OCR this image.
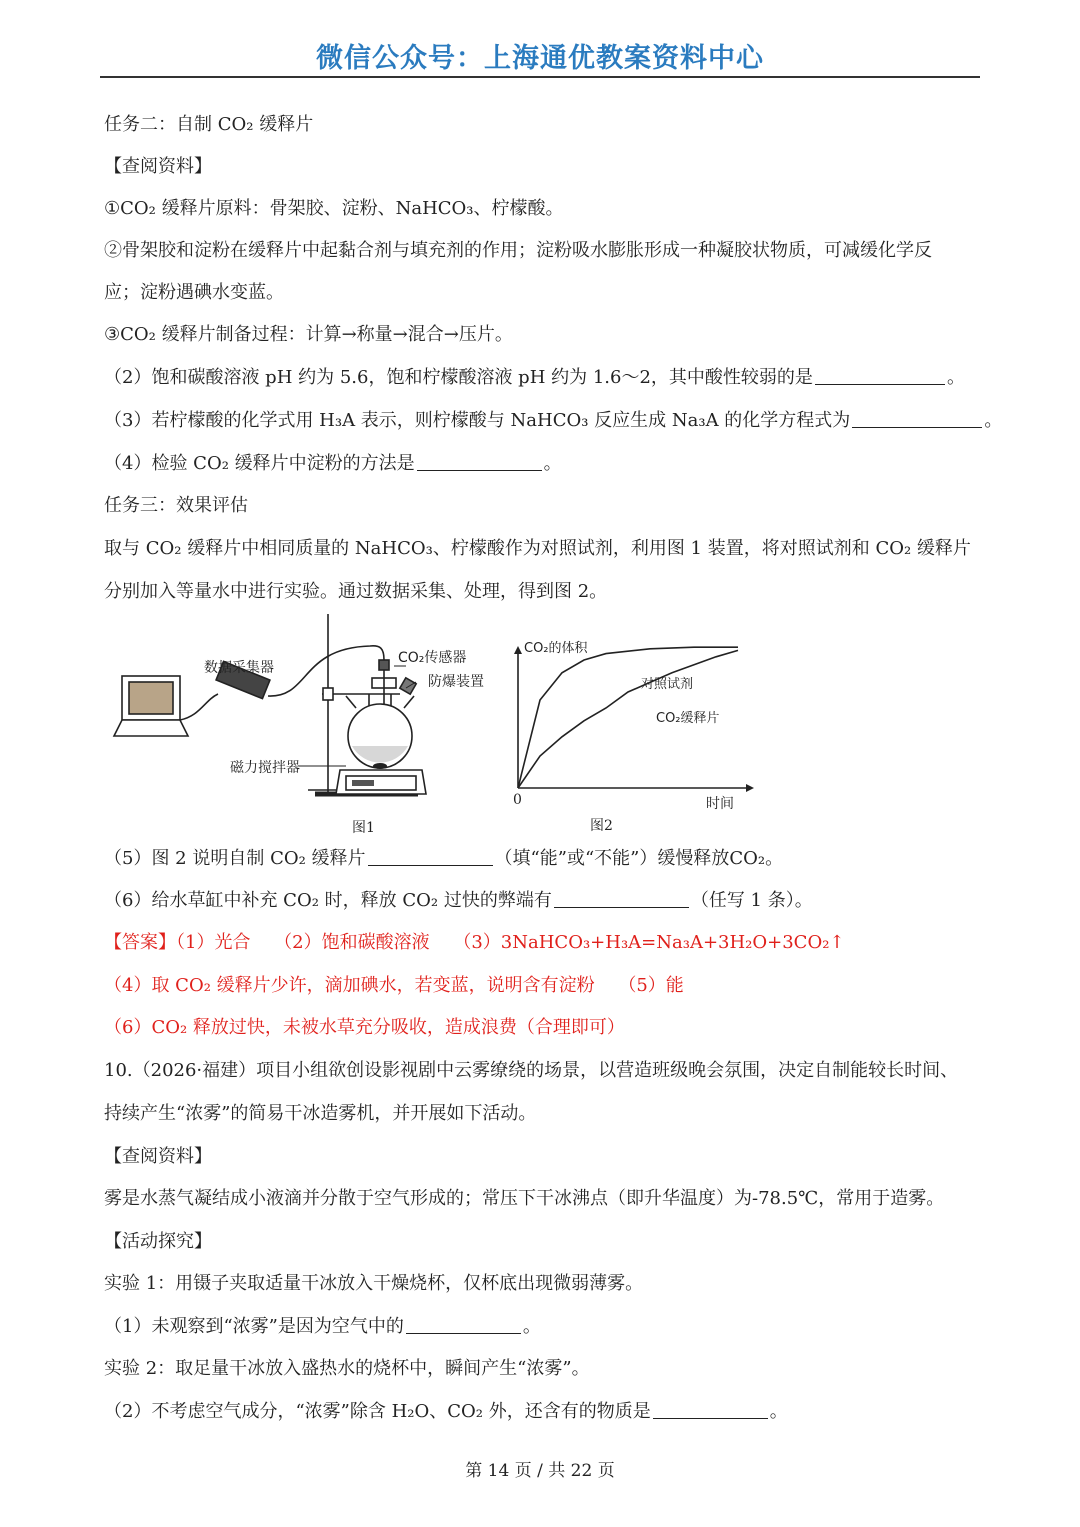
微信公众号：上海通优教案资料中心
任务二：自制 CO₂ 缓释片
【查阅资料】
①CO₂ 缓释片原料：骨架胶、淀粉、NaHCO₃、柠檬酸。
②骨架胶和淀粉在缓释片中起黏合剂与填充剂的作用；淀粉吸水膨胀形成一种凝胶状物质，可减缓化学反
应；淀粉遇碘水变蓝。
③CO₂ 缓释片制备过程：计算→称量→混合→压片。
（2）饱和碳酸溶液 pH 约为 5.6，饱和柠檬酸溶液 pH 约为 1.6～2，其中酸性较弱的是	。
（3）若柠檬酸的化学式用 H₃A 表示，则柠檬酸与 NaHCO₃ 反应生成 Na₃A 的化学方程式为	。
（4）检验 CO₂ 缓释片中淀粉的方法是	。
任务三：效果评估
取与 CO₂ 缓释片中相同质量的 NaHCO₃、柠檬酸作为对照试剂，利用图 1 装置，将对照试剂和 CO₂ 缓释片
分别加入等量水中进行实验。通过数据采集、处理，得到图 2。
（5）图 2 说明自制 CO₂ 缓释片	（填“能”或“不能”）缓慢释放CO₂。
（6）给水草缸中补充 CO₂ 时，释放 CO₂ 过快的弊端有	（任写 1 条）。
【答案】（1）光合　 （2）饱和碳酸溶液　 （3）3NaHCO₃+H₃A=Na₃A+3H₂O+3CO₂↑
（4）取 CO₂ 缓释片少许，滴加碘水，若变蓝，说明含有淀粉　 （5）能
（6）CO₂ 释放过快，未被水草充分吸收，造成浪费（合理即可）
10.（2026·福建）项目小组欲创设影视剧中云雾缭绕的场景，以营造班级晚会氛围，决定自制能较长时间、
持续产生“浓雾”的简易干冰造雾机，并开展如下活动。
【查阅资料】
雾是水蒸气凝结成小液滴并分散于空气形成的；常压下干冰沸点（即升华温度）为-78.5℃，常用于造雾。
【活动探究】
实验 1：用镊子夹取适量干冰放入干燥烧杯，仅杯底出现微弱薄雾。
（1）未观察到“浓雾”是因为空气中的	。
实验 2：取足量干冰放入盛热水的烧杯中，瞬间产生“浓雾”。
（2）不考虑空气成分，“浓雾”除含 H₂O、CO₂ 外，还含有的物质是	。
数据采集器
CO₂传感器
防爆装置
磁力搅拌器
图1
CO₂的体积
时间
0
对照试剂
CO₂缓释片
图2
第 14 页 / 共 22 页
